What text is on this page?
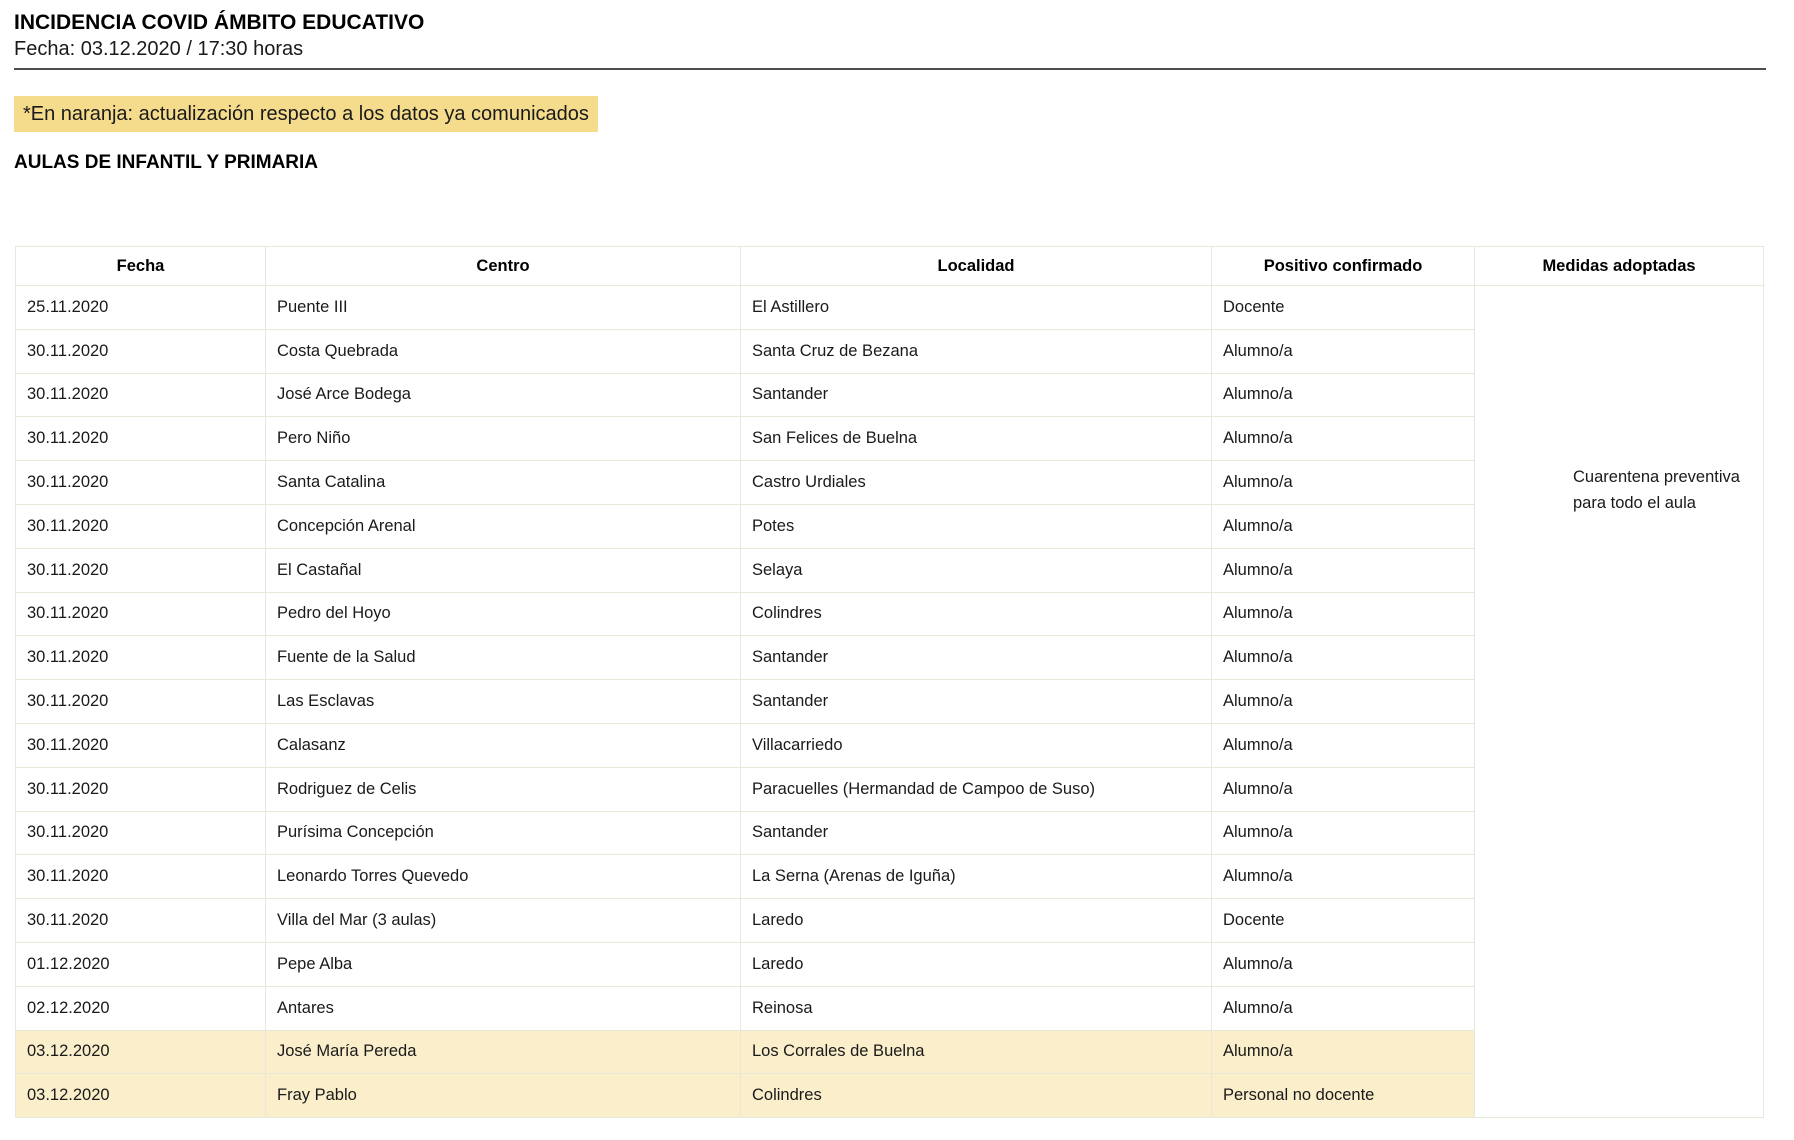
INCIDENCIA COVID ÁMBITO EDUCATIVO
Fecha: 03.12.2020 / 17:30 horas
*En naranja: actualización respecto a los datos ya comunicados
AULAS DE INFANTIL Y PRIMARIA
Fecha	Centro	Localidad	Positivo confirmado	Medidas adoptadas
25.11.2020	Puente III	El Astillero	Docente	Cuarentena preventiva para todo el aula

30.11.2020	Costa Quebrada	Santa Cruz de Bezana	Alumno/a	
30.11.2020	José Arce Bodega	Santander	Alumno/a	
30.11.2020	Pero Niño	San Felices de Buelna	Alumno/a	
30.11.2020	Santa Catalina	Castro Urdiales	Alumno/a	
30.11.2020	Concepción Arenal	Potes	Alumno/a	
30.11.2020	El Castañal	Selaya	Alumno/a	
30.11.2020	Pedro del Hoyo	Colindres	Alumno/a	
30.11.2020	Fuente de la Salud	Santander	Alumno/a	
30.11.2020	Las Esclavas	Santander	Alumno/a	
30.11.2020	Calasanz	Villacarriedo	Alumno/a	
30.11.2020	Rodriguez de Celis	Paracuelles (Hermandad de Campoo de Suso)	Alumno/a	
30.11.2020	Purísima Concepción	Santander	Alumno/a	
30.11.2020	Leonardo Torres Quevedo	La Serna (Arenas de Iguña)	Alumno/a	
30.11.2020	Villa del Mar (3 aulas)	Laredo	Docente	
01.12.2020	Pepe Alba	Laredo	Alumno/a	
02.12.2020	Antares	Reinosa	Alumno/a	
03.12.2020	José María Pereda	Los Corrales de Buelna	Alumno/a	
03.12.2020	Fray Pablo	Colindres	Personal no docente	
